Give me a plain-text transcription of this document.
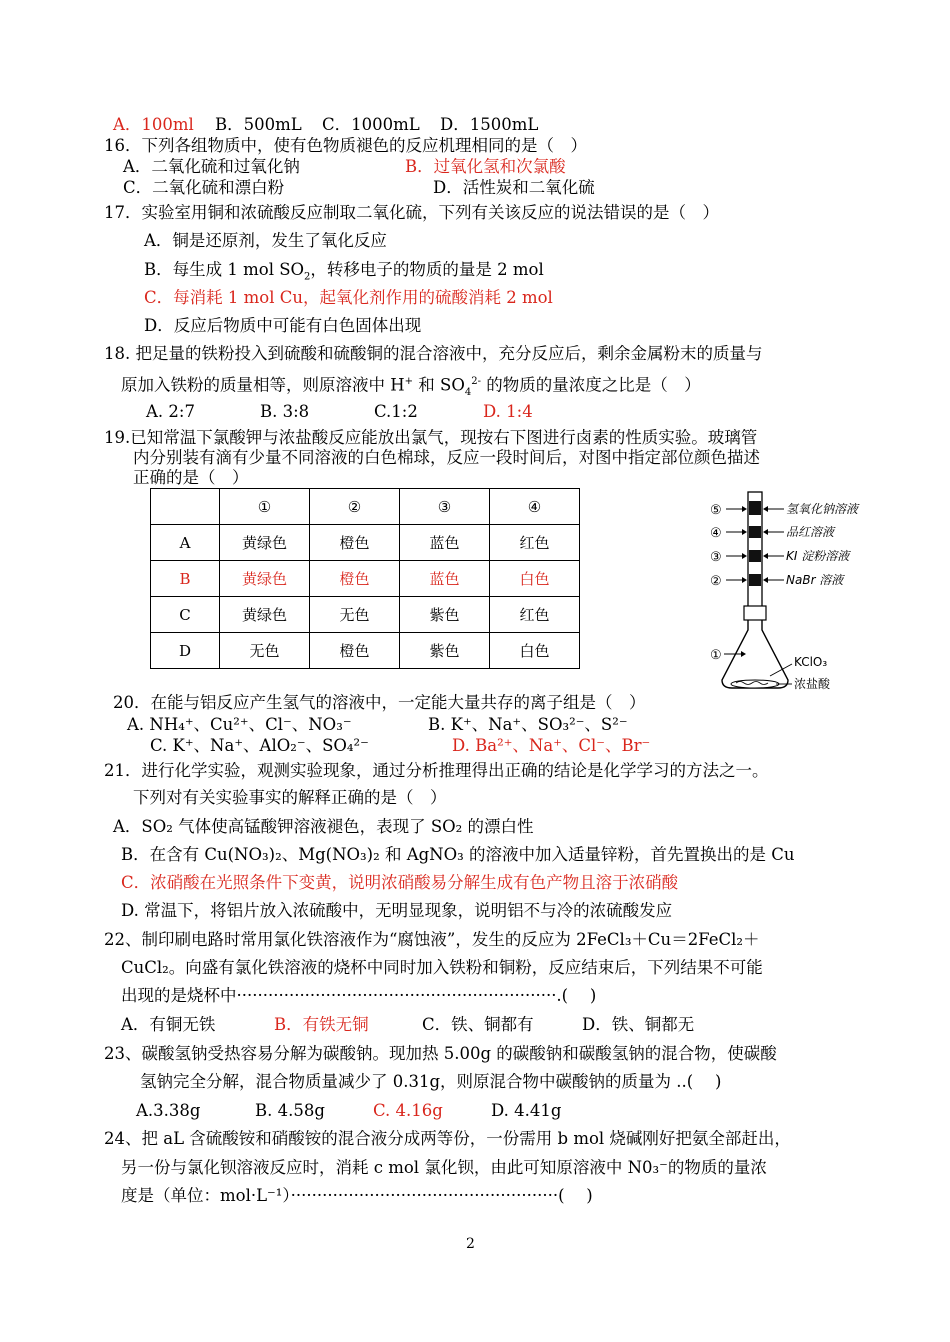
A．100ml B．500mL C．1000mL D．1500mL
16．下列各组物质中，使有色物质褪色的反应机理相同的是（　）
A．二氧化硫和过氧化钠	B．过氧化氢和次氯酸
C．二氧化硫和漂白粉	D．活性炭和二氧化硫
17．实验室用铜和浓硫酸反应制取二氧化硫，下列有关该反应的说法错误的是（　）
A．铜是还原剂，发生了氧化反应
B．每生成 1 mol $SO_2$，转移电子的物质的量是 2 mol
C．每消耗 1 mol Cu，起氧化剂作用的硫酸消耗 2 mol
D．反应后物质中可能有白色固体出现
18. 把足量的铁粉投入到硫酸和硫酸铜的混合溶液中，充分反应后，剩余金属粉末的质量与
原加入铁粉的质量相等，则原溶液中 H+ 和 $SO_4^{2-}$ 的物质的量浓度之比是（　）
A. 2:7	B. 3:8	C.1:2	D. 1:4
19.已知常温下氯酸钾与浓盐酸反应能放出氯气，现按右下图进行卤素的性质实验。玻璃管
内分别装有滴有少量不同溶液的白色棉球，反应一段时间后，对图中指定部位颜色描述
正确的是（　）
	①	②	③	④
A	黄绿色	橙色	蓝色	红色
B	黄绿色	橙色	蓝色	白色
C	黄绿色	无色	紫色	红色
D	无色	橙色	紫色	白色
⑤
④
③
②
①
氢氧化钠溶液
品红溶液
KI 淀粉溶液
NaBr 溶液
KClO₃
浓盐酸
20．在能与铝反应产生氢气的溶液中，一定能大量共存的离子组是（　）
A. NH₄⁺、Cu²⁺、Cl⁻、NO₃⁻	B. K⁺、Na⁺、SO₃²⁻、S²⁻
C. K⁺、Na⁺、AlO₂⁻、SO₄²⁻	D. Ba²⁺、Na⁺、Cl⁻、Br⁻
21．进行化学实验，观测实验现象，通过分析推理得出正确的结论是化学学习的方法之一。
下列对有关实验事实的解释正确的是（　）
A．SO₂ 气体使高锰酸钾溶液褪色，表现了 SO₂ 的漂白性
B．在含有 Cu(NO₃)₂、Mg(NO₃)₂ 和 AgNO₃ 的溶液中加入适量锌粉，首先置换出的是 Cu
C．浓硝酸在光照条件下变黄，说明浓硝酸易分解生成有色产物且溶于浓硝酸
D. 常温下，将铝片放入浓硫酸中，无明显现象，说明铝不与冷的浓硫酸发应
22、制印刷电路时常用氯化铁溶液作为“腐蚀液”，发生的反应为 2FeCl₃＋Cu＝2FeCl₂＋
CuCl₂。向盛有氯化铁溶液的烧杯中同时加入铁粉和铜粉，反应结束后，下列结果不可能
出现的是烧杯中·····························································.(　 )
A．有铜无铁	B．有铁无铜	C．铁、铜都有	D．铁、铜都无
23、碳酸氢钠受热容易分解为碳酸钠。现加热 5.00g 的碳酸钠和碳酸氢钠的混合物，使碳酸
氢钠完全分解，混合物质量减少了 0.31g，则原混合物中碳酸钠的质量为 ..(　 )
A.3.38g	B. 4.58g	C. 4.16g	D. 4.41g
24、把 aL 含硫酸铵和硝酸铵的混合液分成两等份，一份需用 b mol 烧碱刚好把氨全部赶出，
另一份与氯化钡溶液反应时，消耗 c mol 氯化钡，由此可知原溶液中 N0₃⁻的物质的量浓
度是（单位：mol·L⁻¹）···················································(　 )
2
